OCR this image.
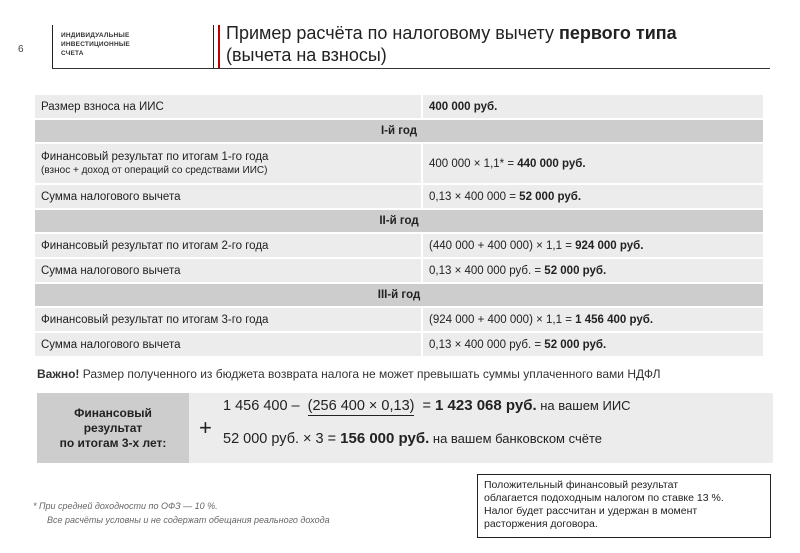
6
ИНДИВИДУАЛЬНЫЕ
ИНВЕСТИЦИОННЫЕ
СЧЕТА
Пример расчёта по налоговому вычету первого типа
(вычета на взносы)
Размер взноса на ИИС	400 000 руб.
I-й год	
Финансовый результат по итогам 1-го года
(взнос + доход от операций со средствами ИИС)	400 000 × 1,1* = 440 000 руб.
Сумма налогового вычета	0,13 × 400 000 = 52 000 руб.
II-й год	
Финансовый результат по итогам 2-го года	(440 000 + 400 000) × 1,1 = 924 000 руб.
Сумма налогового вычета	0,13 × 400 000 руб. = 52 000 руб.
III-й год	
Финансовый результат по итогам 3-го года	(924 000 + 400 000) × 1,1 = 1 456 400 руб.
Сумма налогового вычета	0,13 × 400 000 руб. = 52 000 руб.
Важно! Размер полученного из бюджета возврата налога не может превышать суммы уплаченного вами НДФЛ
Финансовый
результат
по итогам 3-х лет:
+
1 456 400 – (256 400 × 0,13) = 1 423 068 руб. на вашем ИИС
52 000 руб. × 3 = 156 000 руб. на вашем банковском счёте
* При средней доходности по ОФЗ — 10 %.
Все расчёты условны и не содержат обещания реального дохода
Положительный финансовый результат
облагается подоходным налогом по ставке 13 %.
Налог будет рассчитан и удержан в момент
расторжения договора.
